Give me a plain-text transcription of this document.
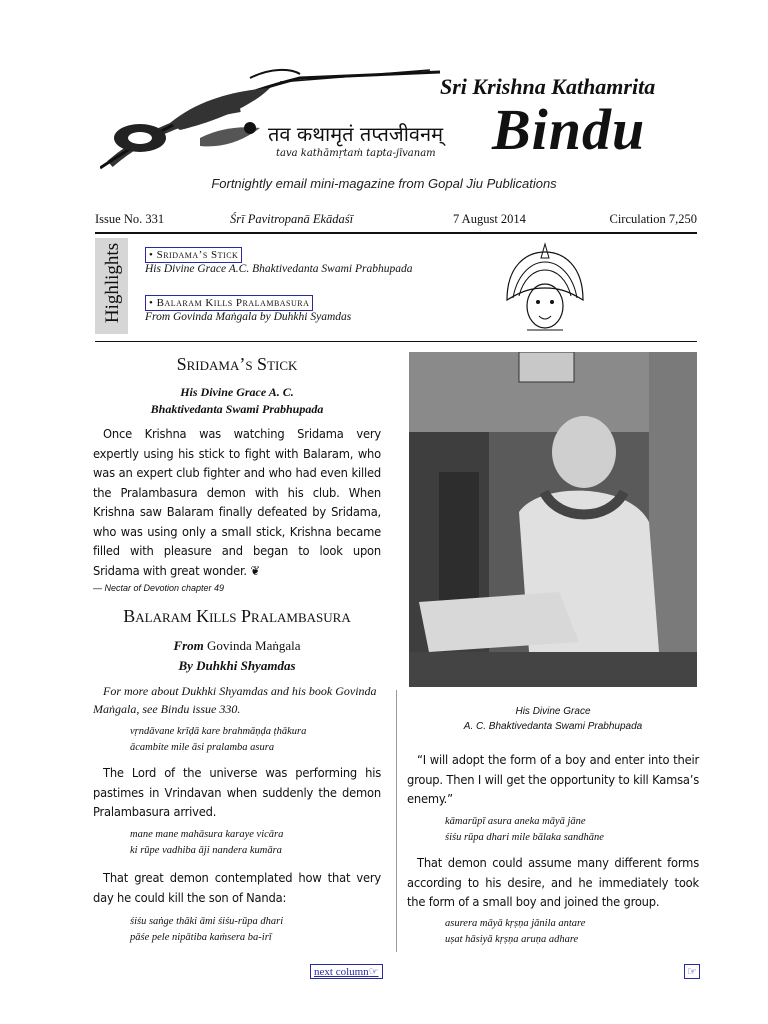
तव कथामृतं तप्तजीवनम्
tava kathāmṛtaṁ tapta-jīvanam
Sri Krishna Kathamrita
Bindu
Fortnightly email mini-magazine from Gopal Jiu Publications
Issue No. 331	Śrī Pavitropanā Ekādaśī	7 August 2014	Circulation 7,250
Highlights	• Sridama’s Stick
His Divine Grace A.C. Bhaktivedanta Swami Prabhupada
• Balaram Kills Pralambasura
From Govinda Maṅgala by Duhkhi Syamdas
Sridama’s Stick
His Divine Grace A. C.
Bhaktivedanta Swami Prabhupada
Once Krishna was watching Sridama very expertly using his stick to fight with Balaram, who was an expert club fighter and who had even killed the Pralambasura demon with his club. When Krishna saw Balaram finally defeated by Sridama, who was using only a small stick, Krishna became filled with pleasure and began to look upon Sridama with great wonder. ❦
— Nectar of Devotion chapter 49
Balaram Kills Pralambasura
From Govinda Maṅgala
By Duhkhi Shyamdas
For more about Dukhki Shyamdas and his book Govinda Maṅgala, see Bindu issue 330.
vṛndāvane krīḍā kare brahmāṇḍa ṭhākura
ācambite mile āsi pralamba asura
The Lord of the universe was performing his pastimes in Vrindavan when suddenly the demon Pralambasura arrived.
mane mane mahāsura karaye vicāra
ki rūpe vadhiba āji nandera kumāra
That great demon contemplated how that very day he could kill the son of Nanda:
śiśu saṅge thāki āmi śiśu-rūpa dhari
pāśe pele nipātiba kaṁsera ba-irī
His Divine Grace
A. C. Bhaktivedanta Swami Prabhupada
“I will adopt the form of a boy and enter into their group. Then I will get the opportunity to kill Kamsa’s enemy.”
kāmarūpī asura aneka māyā jāne
śiśu rūpa dhari mile bālaka sandhāne
That demon could assume many different forms according to his desire, and he immediately took the form of a small boy and joined the group.
asurera māyā kṛṣṇa jānila antare
uṣat hāsiyā kṛṣṇa aruṇa adhare
next column☞	☞
